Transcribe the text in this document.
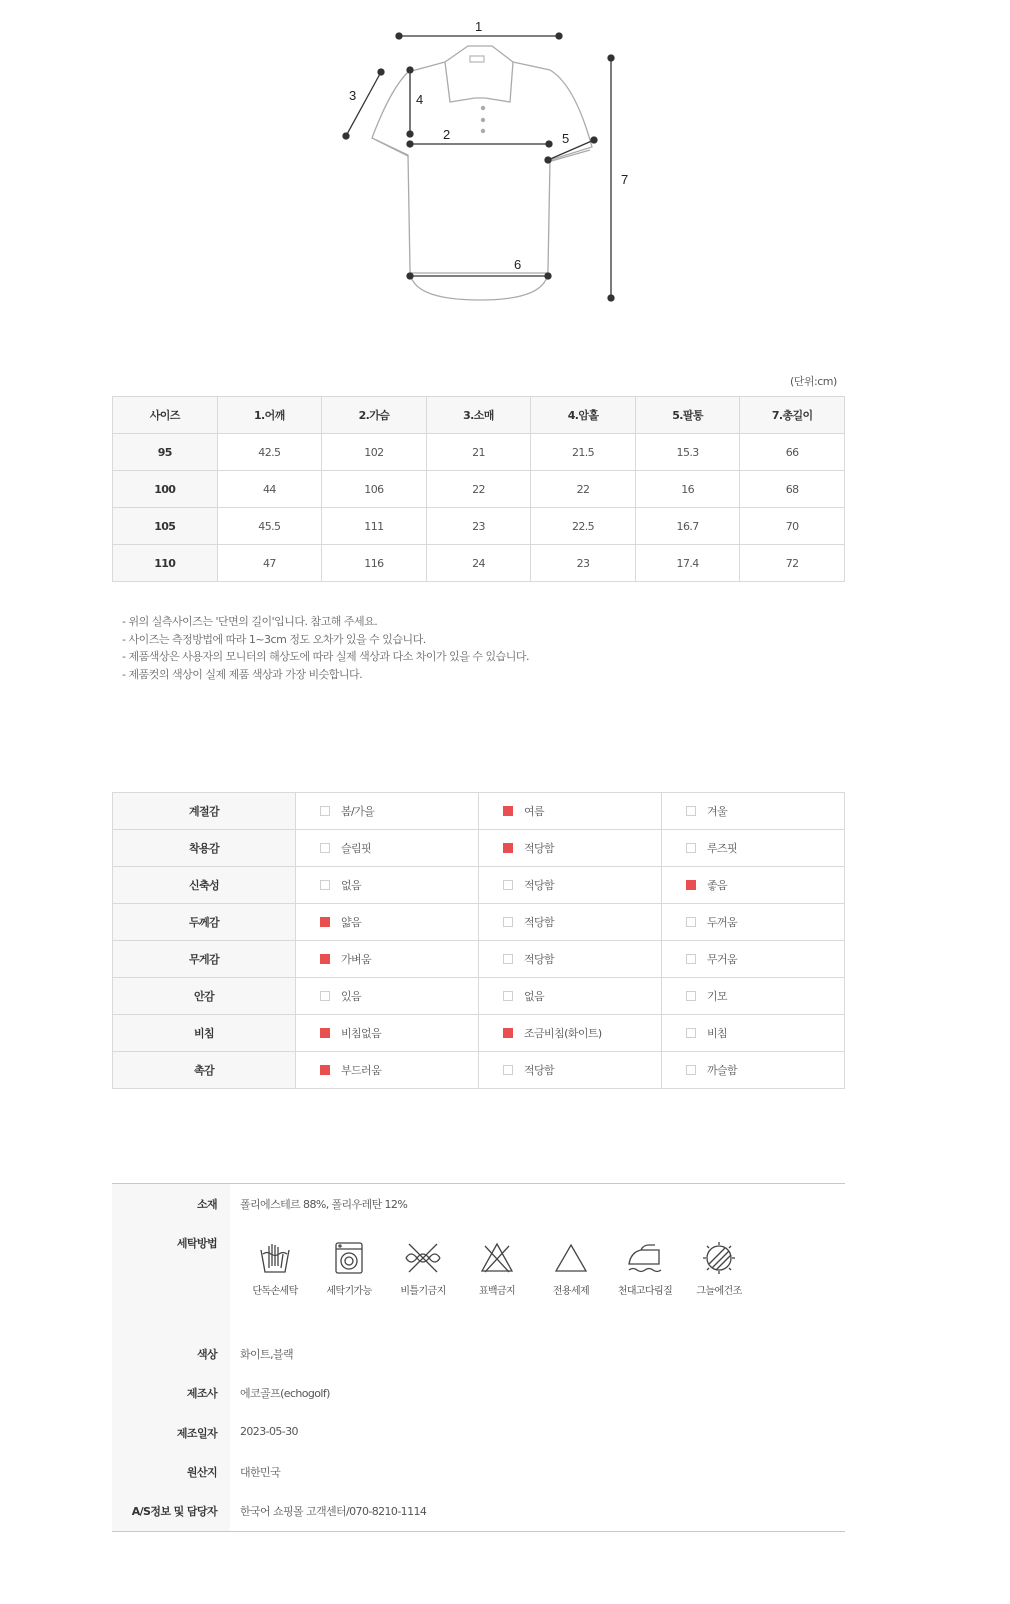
1
2
3	4
5
6
7
(단위:cm)
사이즈	1.어깨	2.가슴	3.소매	4.암홀	5.팔통	7.총길이
95	42.5	102	21	21.5	15.3	66
100	44	106	22	22	16	68
105	45.5	111	23	22.5	16.7	70
110	47	116	24	23	17.4	72
- 위의 실측사이즈는 '단면의 길이'입니다. 참고해 주세요.
- 사이즈는 측정방법에 따라 1~3cm 정도 오차가 있을 수 있습니다.
- 제품색상은 사용자의 모니터의 해상도에 따라 실제 색상과 다소 차이가 있을 수 있습니다.
- 제품컷의 색상이 실제 제품 색상과 가장 비슷합니다.
계절감	봄/가을	여름	겨울

착용감	슬림핏	적당함	루즈핏

신축성	없음	적당함	좋음

두께감	얇음	적당함	두꺼움

무게감	가벼움	적당함	무거움

안감	있음	없음	기모

비침	비침없음	조금비침(화이트)	비침

촉감	부드러움	적당함	까슬함
소재 폴리에스테르 88%, 폴리우레탄 12%
세탁방법
색상 화이트,블랙
제조사 에코골프(echogolf)
제조일자 2023-05-30
원산지 대한민국
A/S정보 및 담당자 한국어 쇼핑몰 고객센터/070-8210-1114
단독손세탁	세탁기가능	비틀기금지	표백금지	전용세제	천대고다림질	그늘에건조
